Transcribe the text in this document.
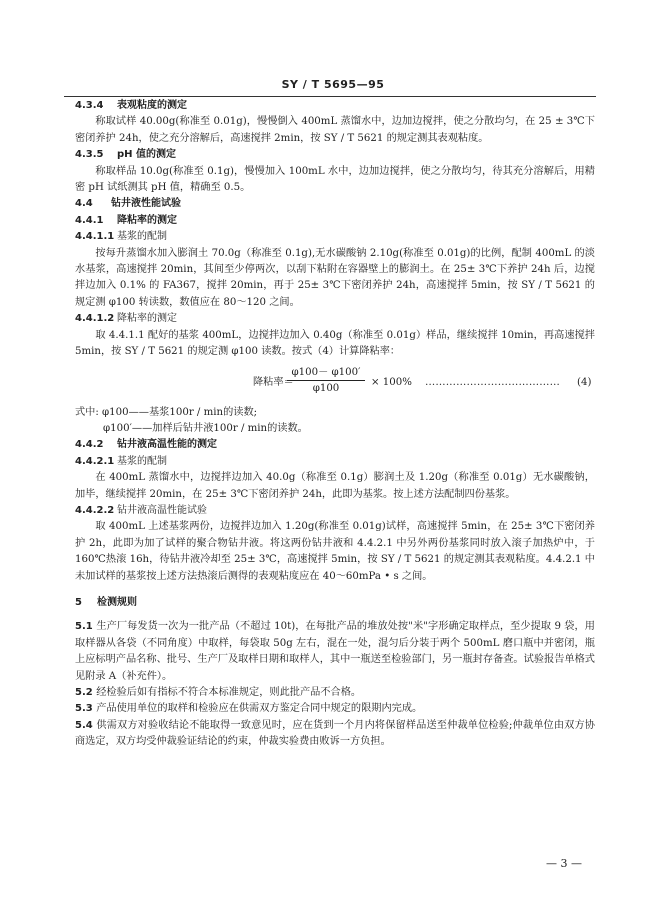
SY / T 5695—95
4.3.4 表观粘度的测定
称取试样 40.00g(称准至 0.01g)，慢慢倒入 400mL 蒸馏水中，边加边搅拌，使之分散均匀，在 25 ± 3℃下密闭养护 24h，使之充分溶解后，高速搅拌 2min，按 SY / T 5621 的规定测其表观粘度。
4.3.5 pH 值的测定
称取样品 10.0g(称准至 0.1g)，慢慢加入 100mL 水中，边加边搅拌，使之分散均匀，待其充分溶解后，用精密 pH 试纸测其 pH 值，精确至 0.5。
4.4 钻井液性能试验
4.4.1 降粘率的测定
4.4.1.1 基浆的配制
按每升蒸馏水加入膨润土 70.0g（称准至 0.1g),无水碳酸钠 2.10g(称准至 0.01g)的比例，配制 400mL 的淡水基浆，高速搅拌 20min，其间至少停两次，以刮下粘附在容器壁上的膨润土。在 25± 3℃下养护 24h 后，边搅拌边加入 0.1% 的 FA367，搅拌 20min，再于 25± 3℃下密闭养护 24h，高速搅拌 5min，按 SY / T 5621 的规定测 φ100 转读数，数值应在 80～120 之间。
4.4.1.2 降粘率的测定
取 4.4.1.1 配好的基浆 400mL，边搅拌边加入 0.40g（称准至 0.01g）样品，继续搅拌 10min，再高速搅拌 5min，按 SY / T 5621 的规定测 φ100 读数。按式（4）计算降粘率：
降粘率＝
$\frac{\varphi 100- \varphi 100'}{\varphi 100} \times 100\%$ ………………………………… (4)
式中: φ100——基浆100r / min的读数;
φ100′——加样后钻井液100r / min的读数。
4.4.2 钻井液高温性能的测定
4.4.2.1 基浆的配制
在 400mL 蒸馏水中，边搅拌边加入 40.0g（称准至 0.1g）膨润土及 1.20g（称准至 0.01g）无水碳酸钠，加毕，继续搅拌 20min，在 25± 3℃下密闭养护 24h，此即为基浆。按上述方法配制四份基浆。
4.4.2.2 钻井液高温性能试验
取 400mL 上述基浆两份，边搅拌边加入 1.20g(称准至 0.01g)试样，高速搅拌 5min，在 25± 3℃下密闭养护 2h，此即为加了试样的聚合物钻井液。将这两份钻井液和 4.4.2.1 中另外两份基浆同时放入滚子加热炉中，于 160℃热滚 16h，待钻井液冷却至 25± 3℃，高速搅拌 5min，按 SY / T 5621 的规定测其表观粘度。4.4.2.1 中未加试样的基浆按上述方法热滚后测得的表观粘度应在 40～60mPa • s 之间。
5 检测规则
5.1 生产厂每发货一次为一批产品（不超过 10t)，在每批产品的堆放处按"米"字形确定取样点，至少提取 9 袋，用取样器从各袋（不同角度）中取样，每袋取 50g 左右，混在一处，混匀后分装于两个 500mL 磨口瓶中并密闭，瓶上应标明产品名称、批号、生产厂及取样日期和取样人，其中一瓶送至检验部门，另一瓶封存备查。试验报告单格式见附录 A（补充件）。
5.2 经检验后如有指标不符合本标准规定，则此批产品不合格。
5.3 产品使用单位的取样和检验应在供需双方鉴定合同中规定的限期内完成。
5.4 供需双方对验收结论不能取得一致意见时，应在货到一个月内将保留样品送至仲裁单位检验;仲裁单位由双方协商选定，双方均受仲裁验证结论的约束，仲裁实验费由败诉一方负担。
— 3 —
